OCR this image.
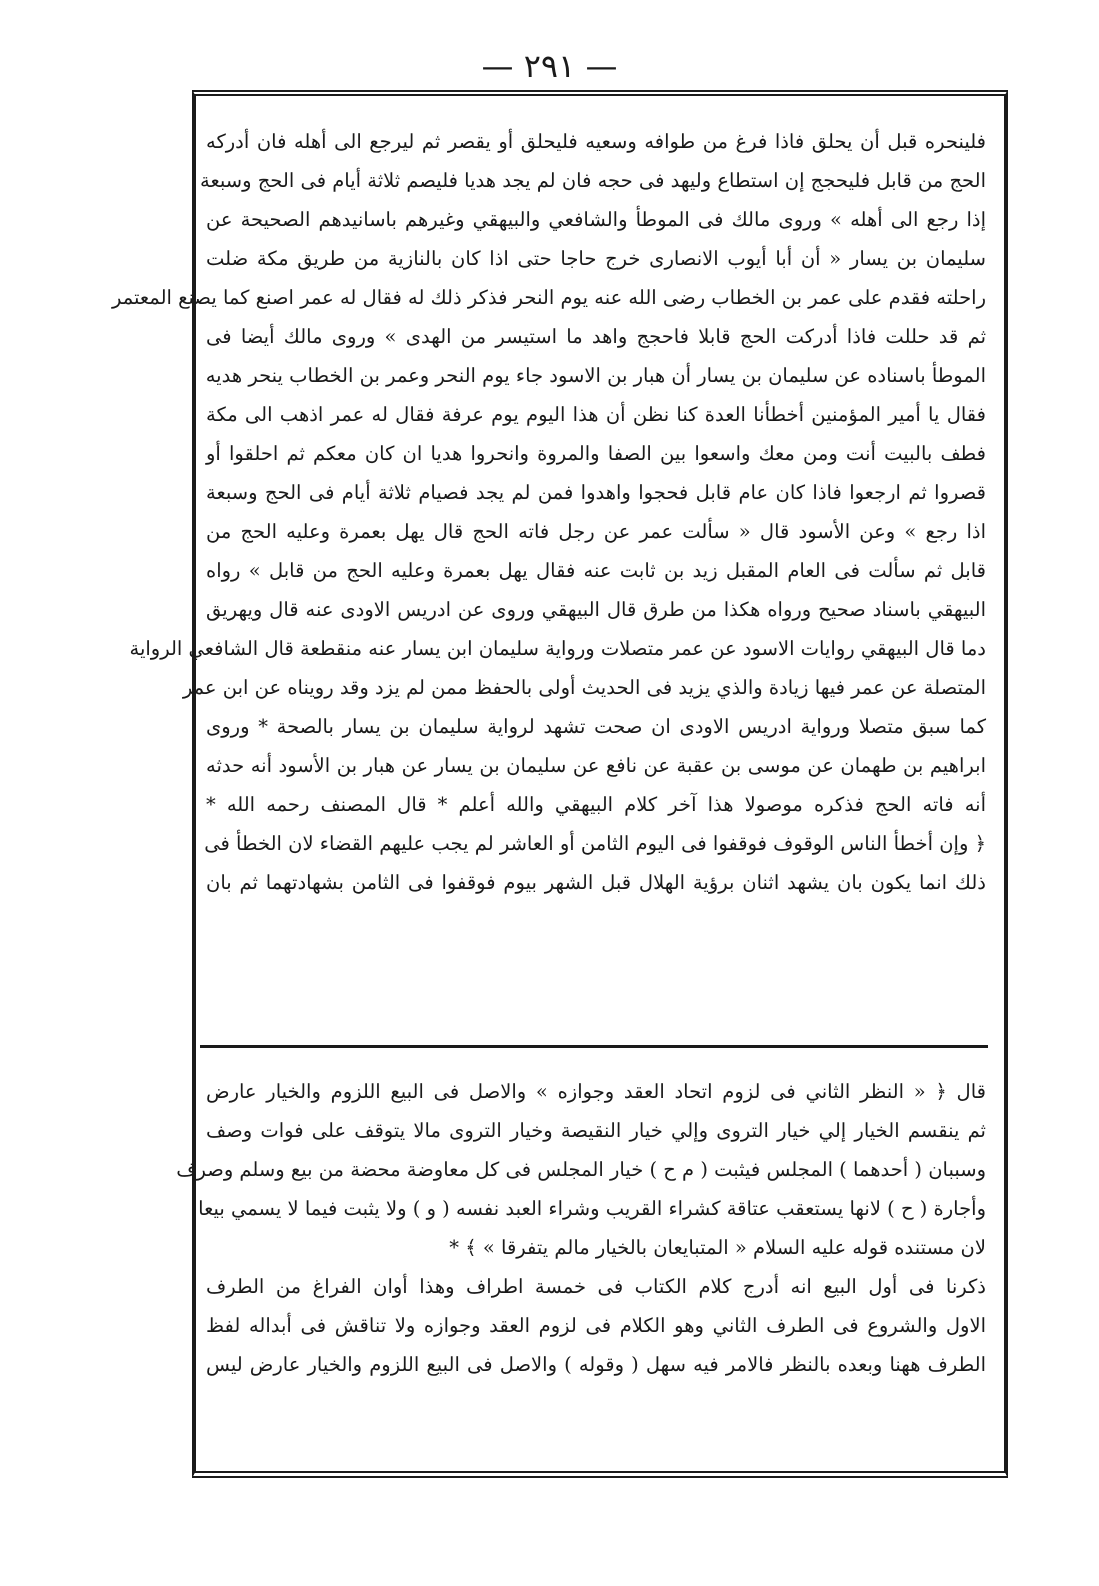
— ٢٩١ —
فلينحره قبل أن يحلق فاذا فرغ من طوافه وسعيه فليحلق أو يقصر ثم ليرجع الى أهله فان أدركه
الحج من قابل فليحجج إن استطاع وليهد فى حجه فان لم يجد هديا فليصم ثلاثة أيام فى الحج وسبعة
إذا رجع الى أهله » وروى مالك فى الموطأ والشافعي والبيهقي وغيرهم باسانيدهم الصحيحة عن
سليمان بن يسار « أن أبا أيوب الانصارى خرج حاجا حتى اذا كان بالنازية من طريق مكة ضلت
راحلته فقدم على عمر بن الخطاب رضى الله عنه يوم النحر فذكر ذلك له فقال له عمر اصنع كما يصنع المعتمر
ثم قد حللت فاذا أدركت الحج قابلا فاحجج واهد ما استيسر من الهدى » وروى مالك أيضا فى
الموطأ باسناده عن سليمان بن يسار أن هبار بن الاسود جاء يوم النحر وعمر بن الخطاب ينحر هديه
فقال يا أمير المؤمنين أخطأنا العدة كنا نظن أن هذا اليوم يوم عرفة فقال له عمر اذهب الى مكة
فطف بالبيت أنت ومن معك واسعوا بين الصفا والمروة وانحروا هديا ان كان معكم ثم احلقوا أو
قصروا ثم ارجعوا فاذا كان عام قابل فحجوا واهدوا فمن لم يجد فصيام ثلاثة أيام فى الحج وسبعة
اذا رجع » وعن الأسود قال « سألت عمر عن رجل فاته الحج قال يهل بعمرة وعليه الحج من
قابل ثم سألت فى العام المقبل زيد بن ثابت عنه فقال يهل بعمرة وعليه الحج من قابل » رواه
البيهقي باسناد صحيح ورواه هكذا من طرق قال البيهقي وروى عن ادريس الاودى عنه قال ويهريق
دما قال البيهقي روايات الاسود عن عمر متصلات ورواية سليمان ابن يسار عنه منقطعة قال الشافعي الرواية
المتصلة عن عمر فيها زيادة والذي يزيد فى الحديث أولى بالحفظ ممن لم يزد وقد رويناه عن ابن عمر
كما سبق متصلا ورواية ادريس الاودى ان صحت تشهد لرواية سليمان بن يسار بالصحة * وروى
ابراهيم بن طهمان عن موسى بن عقبة عن نافع عن سليمان بن يسار عن هبار بن الأسود أنه حدثه
أنه فاته الحج فذكره موصولا هذا آخر كلام البيهقي والله أعلم * قال المصنف رحمه الله *
﴿ وإن أخطأ الناس الوقوف فوقفوا فى اليوم الثامن أو العاشر لم يجب عليهم القضاء لان الخطأ فى
ذلك انما يكون بان يشهد اثنان برؤية الهلال قبل الشهر بيوم فوقفوا فى الثامن بشهادتهما ثم بان
قال ﴿ « النظر الثاني فى لزوم اتحاد العقد وجوازه » والاصل فى البيع اللزوم والخيار عارض
ثم ينقسم الخيار إلي خيار التروى وإلي خيار النقيصة وخيار التروى مالا يتوقف على فوات وصف
وسببان ( أحدهما ) المجلس فيثبت ( م ح ) خيار المجلس فى كل معاوضة محضة من بيع وسلم وصرف
وأجارة ( ح ) لانها يستعقب عتاقة كشراء القريب وشراء العبد نفسه ( و ) ولا يثبت فيما لا يسمي بيعا
لان مستنده قوله عليه السلام « المتبايعان بالخيار مالم يتفرقا » ﴾ *
ذكرنا فى أول البيع انه أدرج كلام الكتاب فى خمسة اطراف وهذا أوان الفراغ من الطرف
الاول والشروع فى الطرف الثاني وهو الكلام فى لزوم العقد وجوازه ولا تناقش فى أبداله لفظ
الطرف ههنا وبعده بالنظر فالامر فيه سهل ( وقوله ) والاصل فى البيع اللزوم والخيار عارض ليس
